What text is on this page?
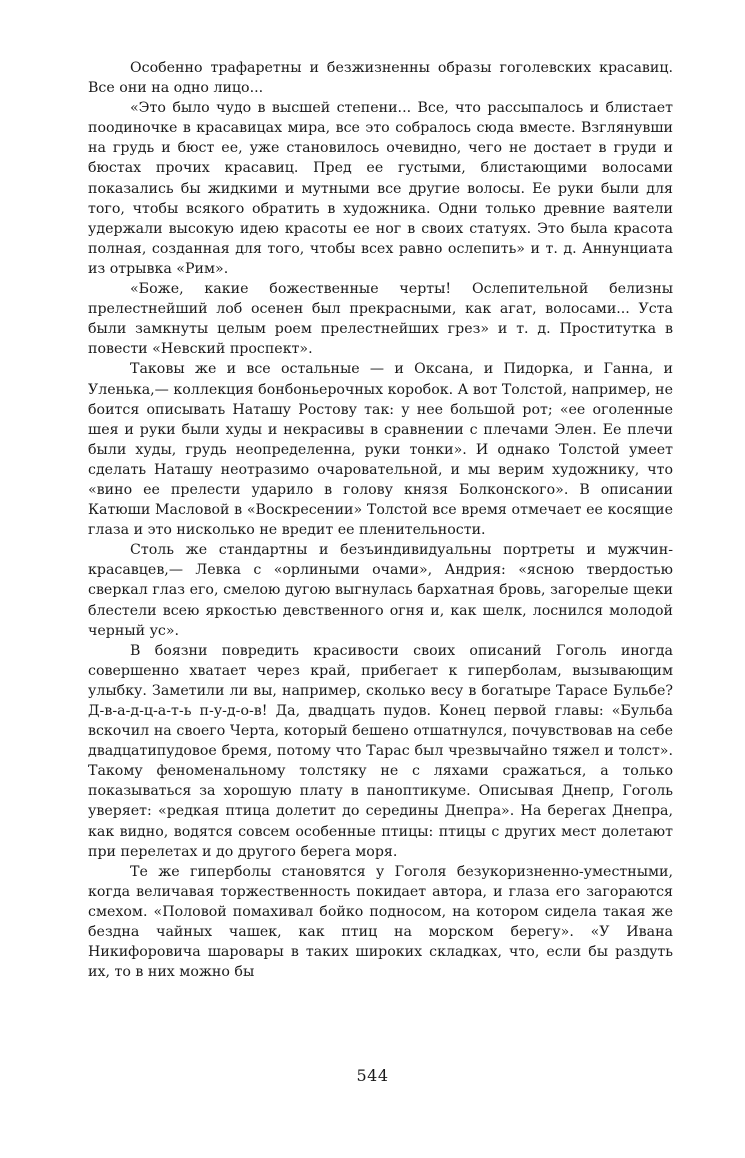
Особенно трафаретны и безжизненны образы гоголевских красавиц. Все они на одно лицо...

«Это было чудо в высшей степени... Все, что рассыпалось и блистает поодиночке в красавицах мира, все это собралось сюда вместе. Взглянувши на грудь и бюст ее, уже становилось очевидно, чего не достает в груди и бюстах прочих красавиц. Пред ее густыми, блистающими волосами показались бы жидкими и мутными все другие волосы. Ее руки были для того, чтобы всякого обратить в художника. Одни только древние ваятели удержали высокую идею красоты ее ног в своих статуях. Это была красота полная, созданная для того, чтобы всех равно ослепить» и т. д. Аннунциата из отрывка «Рим».

«Боже, какие божественные черты! Ослепительной белизны прелестнейший лоб осенен был прекрасными, как агат, волосами... Уста были замкнуты целым роем прелестнейших грез» и т. д. Проститутка в повести «Невский проспект».

Таковы же и все остальные — и Оксана, и Пидорка, и Ганна, и Уленька,— коллекция бонбоньерочных коробок. А вот Толстой, например, не боится описывать Наташу Ростову так: у нее большой рот; «ее оголенные шея и руки были худы и некрасивы в сравнении с плечами Элен. Ее плечи были худы, грудь неопределенна, руки тонки». И однако Толстой умеет сделать Наташу неотразимо очаровательной, и мы верим художнику, что «вино ее прелести ударило в голову князя Болконского». В описании Катюши Масловой в «Воскресении» Толстой все время отмечает ее косящие глаза и это нисколько не вредит ее пленительности.

Столь же стандартны и безъиндивидуальны портреты и мужчин-красавцев,— Левка с «орлиными очами», Андрия: «ясною твердостью сверкал глаз его, смелою дугою выгнулась бархатная бровь, загорелые щеки блестели всею яркостью девственного огня и, как шелк, лоснился молодой черный ус».

В боязни повредить красивости своих описаний Гоголь иногда совершенно хватает через край, прибегает к гиперболам, вызывающим улыбку. Заметили ли вы, например, сколько весу в богатыре Тарасе Бульбе? Д-в-а-д-ц-а-т-ь п-у-д-о-в! Да, двадцать пудов. Конец первой главы: «Бульба вскочил на своего Черта, который бешено отшатнулся, почувствовав на себе двадцатипудовое бремя, потому что Тарас был чрезвычайно тяжел и толст». Такому феноменальному толстяку не с ляхами сражаться, а только показываться за хорошую плату в паноптикуме. Описывая Днепр, Гоголь уверяет: «редкая птица долетит до середины Днепра». На берегах Днепра, как видно, водятся совсем особенные птицы: птицы с других мест долетают при перелетах и до другого берега моря.

Те же гиперболы становятся у Гоголя безукоризненно-уместными, когда величавая торжественность покидает автора, и глаза его загораются смехом. «Половой помахивал бойко подносом, на котором сидела такая же бездна чайных чашек, как птиц на морском берегу». «У Ивана Никифоровича шаровары в таких широких складках, что, если бы раздуть их, то в них можно бы

544
